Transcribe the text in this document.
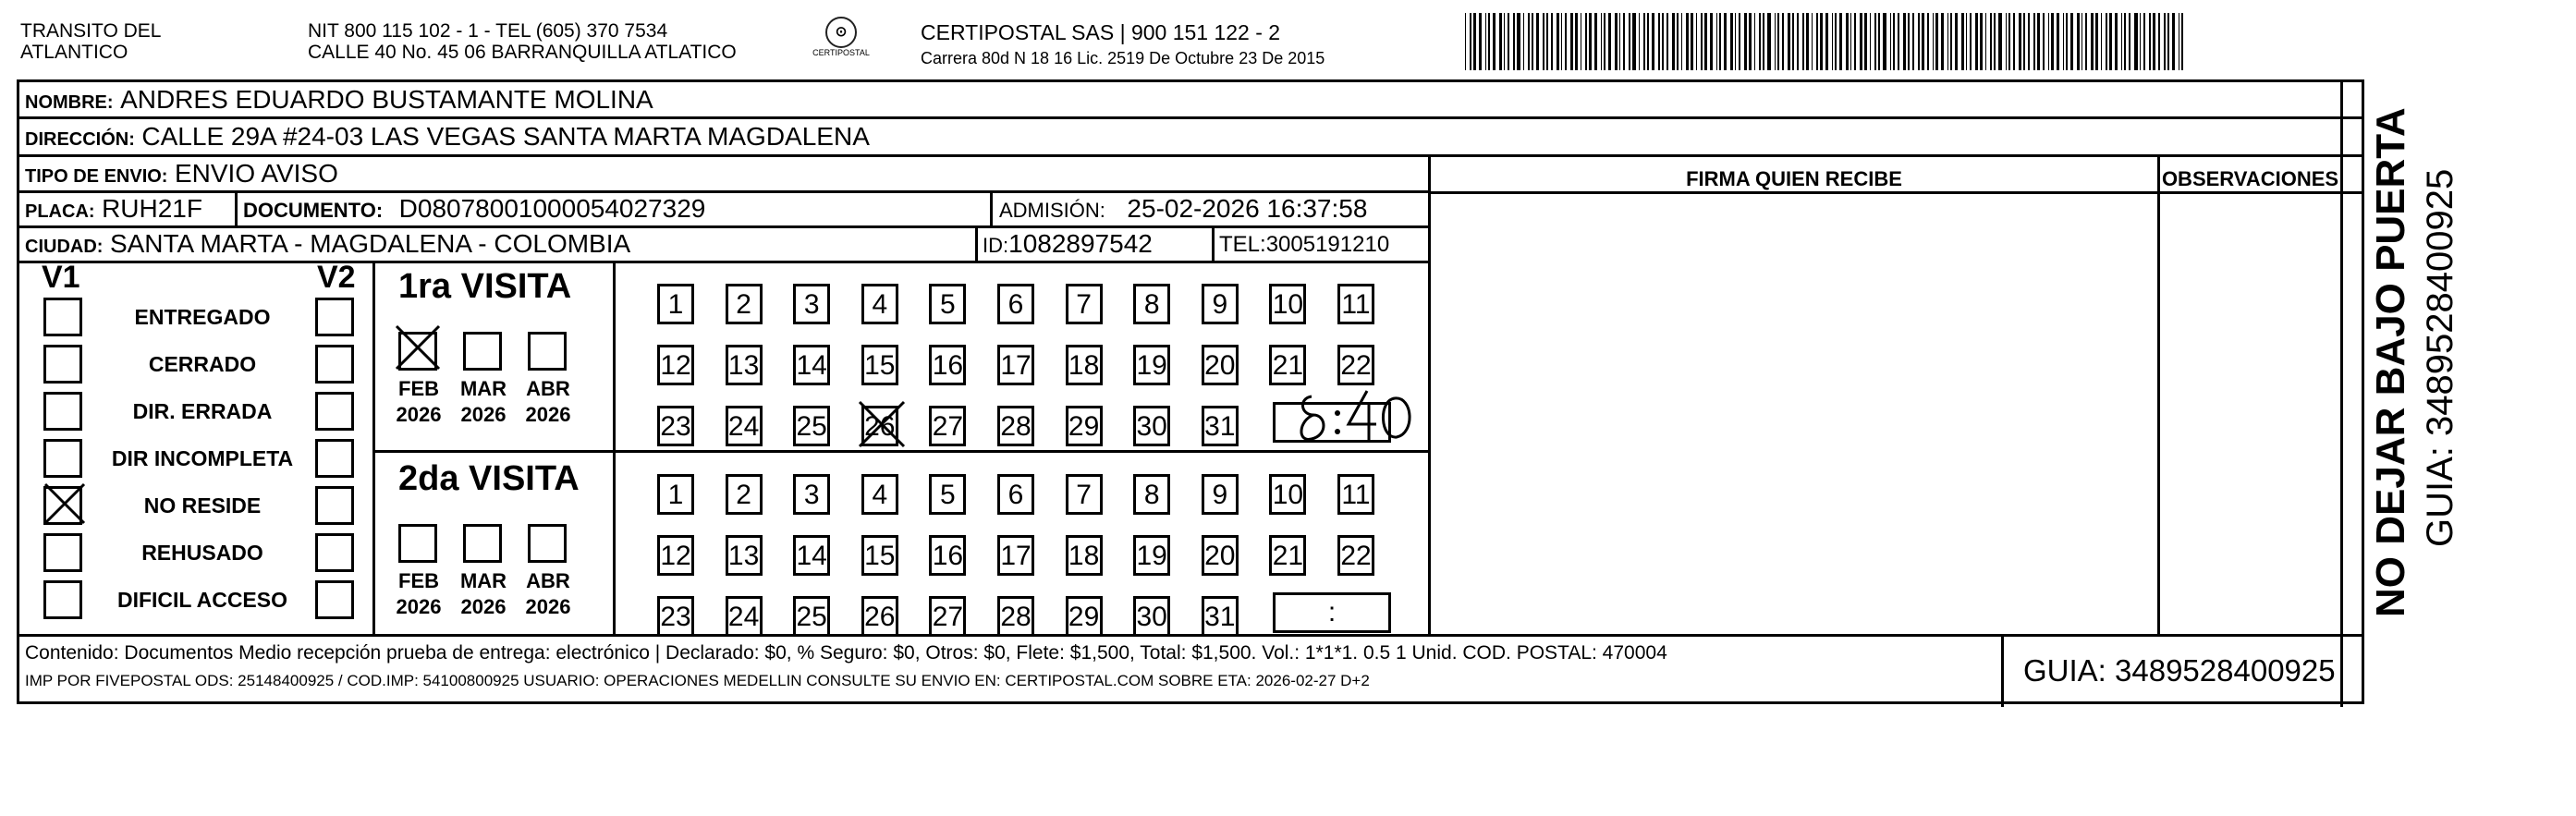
TRANSITO DEL
ATLANTICO
NIT 800 115 102 - 1 - TEL (605) 370 7534
CALLE 40 No. 45 06 BARRANQUILLA ATLATICO
⊙
CERTIPOSTAL
CERTIPOSTAL SAS | 900 151 122 - 2
Carrera 80d N 18 16 Lic. 2519 De Octubre 23 De 2015
NOMBRE: ANDRES EDUARDO BUSTAMANTE MOLINA
DIRECCIÓN: CALLE 29A #24-03 LAS VEGAS SANTA MARTA MAGDALENA
TIPO DE ENVIO: ENVIO AVISO	FIRMA QUIEN RECIBE	OBSERVACIONES
PLACA: RUH21F DOCUMENTO: D08078001000054027329	ADMISIÓN: 25-02-2026 16:37:58
CIUDAD: SANTA MARTA - MAGDALENA - COLOMBIA	ID:1082897542	TEL:3005191210
V1	V2
ENTREGADO
CERRADO
DIR. ERRADA
DIR INCOMPLETA
NO RESIDE
REHUSADO
DIFICIL ACCESO
1ra VISITA
FEB
2026
MAR
2026
ABR
2026
1	2	3	4	5	6	7	8	9	10 11
12 13 14 15 16 17 18 19 20 21 22
23 24 25 26 27 28 29 30 31
2da VISITA
FEB
2026
MAR
2026
ABR
2026
1	2	3	4	5	6	7	8	9	10 11
12 13 14 15 16 17 18 19 20 21 22
23 24 25 26 27 28 29 30 31	:
Contenido: Documentos Medio recepción prueba de entrega: electrónico | Declarado: $0, % Seguro: $0, Otros: $0, Flete: $1,500, Total: $1,500. Vol.: 1*1*1. 0.5 1 Unid. COD. POSTAL: 470004
IMP POR FIVEPOSTAL ODS: 25148400925 / COD.IMP: 54100800925 USUARIO: OPERACIONES MEDELLIN CONSULTE SU ENVIO EN: CERTIPOSTAL.COM SOBRE ETA: 2026-02-27 D+2	GUIA: 3489528400925
NO DEJAR BAJO PUERTA GUIA: 3489528400925
